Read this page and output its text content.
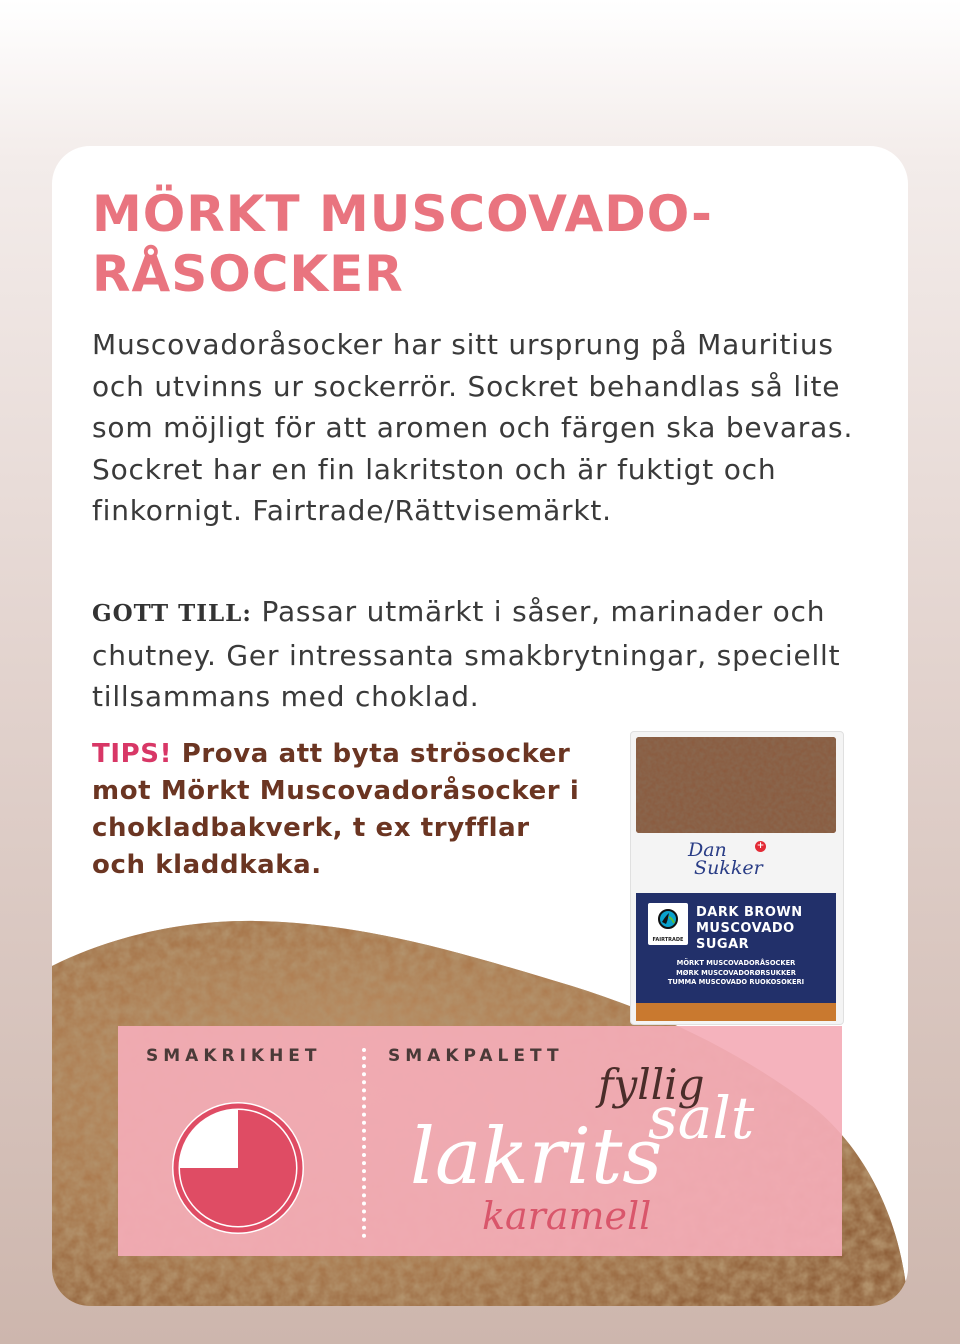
MÖRKT MUSCOVADO-
RÅSOCKER

Muscovadoråsocker har sitt ursprung på Mauritius och utvinns ur sockerrör. Sockret behandlas så lite som möjligt för att aromen och färgen ska bevaras. Sockret har en fin lakritston och är fuktigt och finkornigt. Fairtrade/Rättvisemärkt.

GOTT TILL: Passar utmärkt i såser, marinader och chutney. Ger intressanta smakbrytningar, speciellt tillsammans med choklad.

TIPS! Prova att byta strösocker mot Mörkt Muscovadoråsocker i chokladbakverk, t ex tryfflar och kladdkaka.	Dan
Sukker
+
FAIRTRADE

DARK BROWN
MUSCOVADO
SUGAR

MÖRKT MUSCOVADORÅSOCKER
MØRK MUSCOVADORØRSUKKER
TUMMA MUSCOVADO RUOKOSOKERI

SMAKRIKHET	SMAKPALETT

fyllig

salt

lakrits

karamell
